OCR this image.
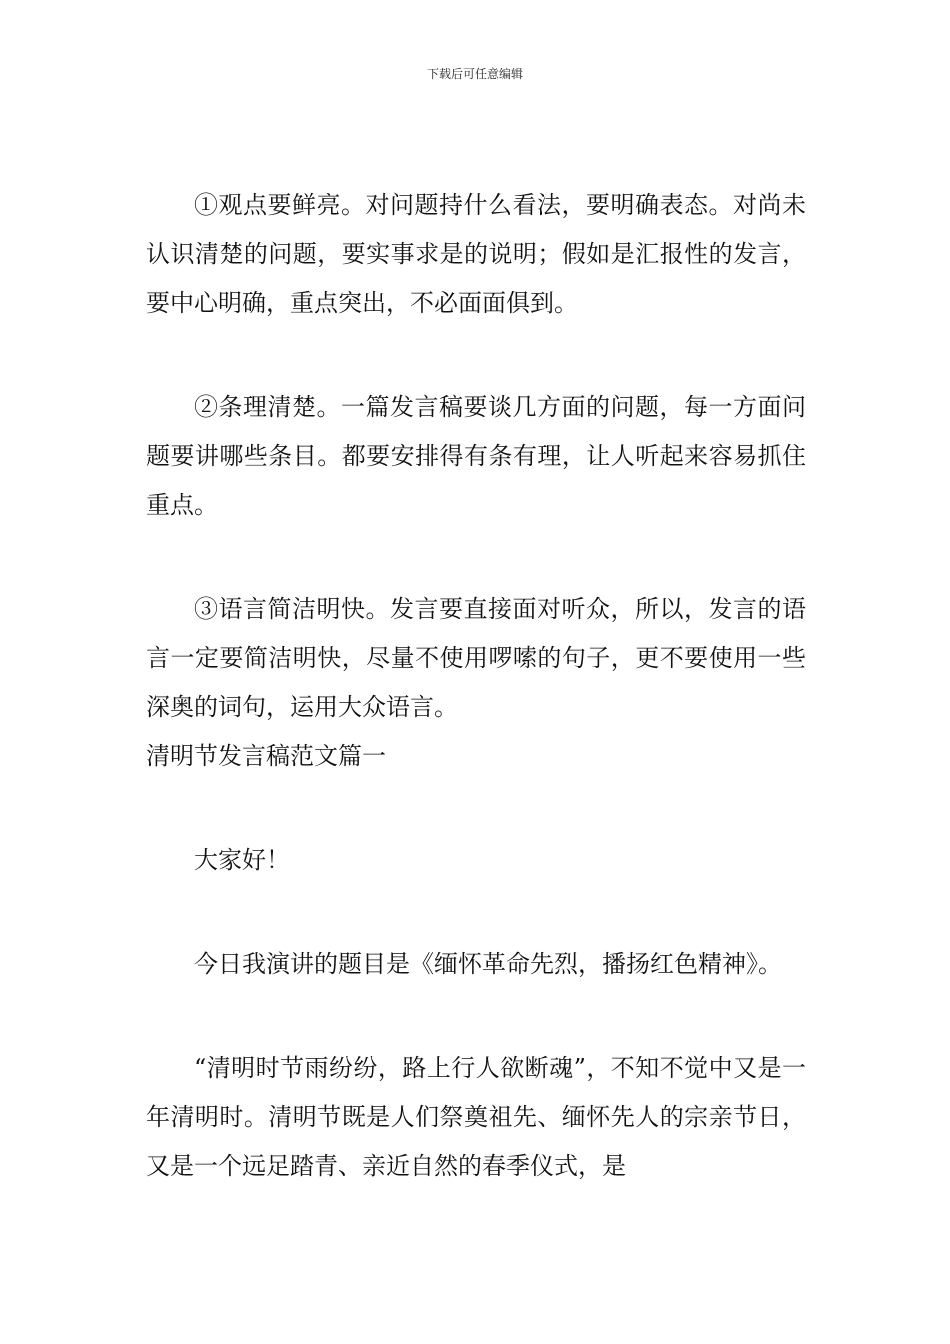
下载后可任意编辑

①观点要鲜亮。对问题持什么看法，要明确表态。对尚未认识清楚的问题，要实事求是的说明；假如是汇报性的发言，要中心明确，重点突出，不必面面俱到。

②条理清楚。一篇发言稿要谈几方面的问题，每一方面问题要讲哪些条目。都要安排得有条有理，让人听起来容易抓住重点。

③语言简洁明快。发言要直接面对听众，所以，发言的语言一定要简洁明快，尽量不使用啰嗦的句子，更不要使用一些深奥的词句，运用大众语言。

清明节发言稿范文篇一

大家好！

今日我演讲的题目是《缅怀革命先烈，播扬红色精神》。

“清明时节雨纷纷，路上行人欲断魂”，不知不觉中又是一年清明时。清明节既是人们祭奠祖先、缅怀先人的宗亲节日，又是一个远足踏青、亲近自然的春季仪式，是
